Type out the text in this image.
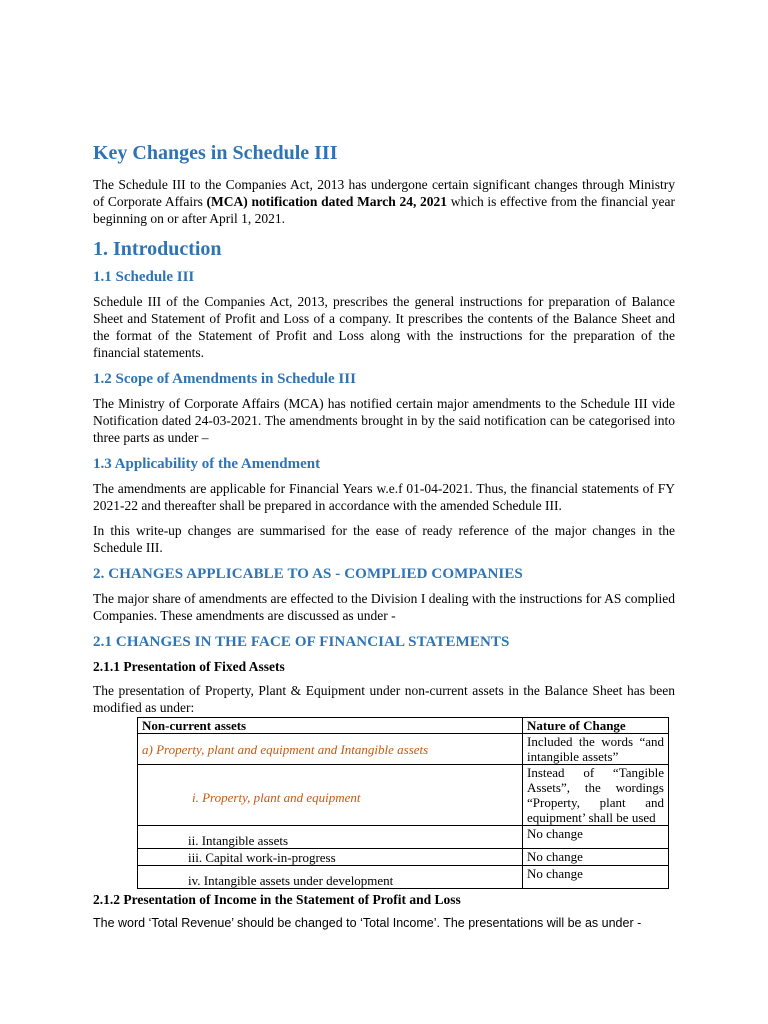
Key Changes in Schedule III

The Schedule III to the Companies Act, 2013 has undergone certain significant changes through Ministry of Corporate Affairs (MCA) notification dated March 24, 2021 which is effective from the financial year beginning on or after April 1, 2021.

1. Introduction
1.1 Schedule III

Schedule III of the Companies Act, 2013, prescribes the general instructions for preparation of Balance Sheet and Statement of Profit and Loss of a company. It prescribes the contents of the Balance Sheet and the format of the Statement of Profit and Loss along with the instructions for the preparation of the financial statements.

1.2 Scope of Amendments in Schedule III

The Ministry of Corporate Affairs (MCA) has notified certain major amendments to the Schedule III vide Notification dated 24-03-2021. The amendments brought in by the said notification can be categorised into three parts as under –

1.3 Applicability of the Amendment

The amendments are applicable for Financial Years w.e.f 01-04-2021. Thus, the financial statements of FY 2021-22 and thereafter shall be prepared in accordance with the amended Schedule III.

In this write-up changes are summarised for the ease of ready reference of the major changes in the Schedule III.

2. CHANGES APPLICABLE TO AS - COMPLIED COMPANIES

The major share of amendments are effected to the Division I dealing with the instructions for AS complied Companies. These amendments are discussed as under -

2.1 CHANGES IN THE FACE OF FINANCIAL STATEMENTS
2.1.1 Presentation of Fixed Assets

The presentation of Property, Plant & Equipment under non-current assets in the Balance Sheet has been modified as under:

Non-current assets	Nature of Change
a) Property, plant and equipment and Intangible assets	Included the words “and intangible assets”
i. Property, plant and equipment	Instead of “Tangible Assets”, the wordings “Property, plant and equipment’ shall be used
ii. Intangible assets	No change
iii. Capital work-in-progress	No change
iv. Intangible assets under development	No change
2.1.2 Presentation of Income in the Statement of Profit and Loss

The word ‘Total Revenue’ should be changed to ‘Total Income’. The presentations will be as under -
